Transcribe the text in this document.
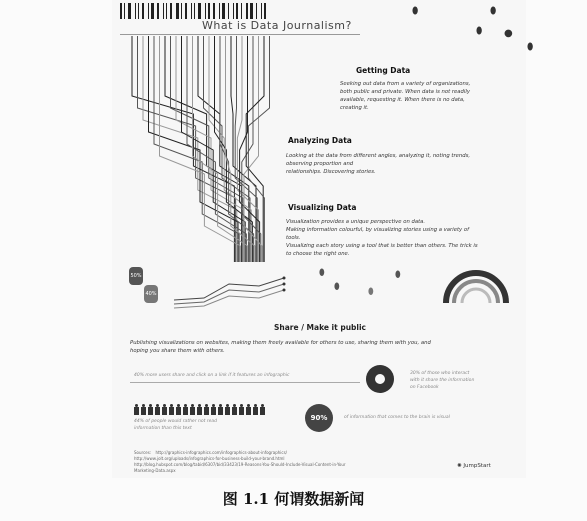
What is Data Journalism?
⬮	⬮
⬮ ●
⬮
Getting Data
Seeking out data from a variety of organizations,
both public and private. When data is not readily
available, requesting it. When there is no data,
creating it.
Analyzing Data
Looking at the data from different angles, analyzing it, noting trends,
observing proportion and
relationships. Discovering stories.
Visualizing Data
Visualization provides a unique perspective on data.
Making information colourful, by visualizing stories using a variety of
tools.
Visualizing each story using a tool that is better than others. The trick is
to choose the right one.
50%
40%
⬮
⬮	⬮
⬮
Share / Make it public
Publishing visualizations on websites, making them freely available for others to use, sharing them with you, and
hoping you share them with others.
40% more users share and click on a link if it features an infographic	30% of those who interact
with it share the information
on Facebook
44% of people would rather not read
information than this text
90%	of information that comes to the brain is visual
Sources: http://graphics-infographics.com/infographics-about-infographics/
http://www.jolt.org/uploads/infographics-for-business-build-your-brand.html
http://blog.hubspot.com/blog/tabid/6307/bid/33423/19-Reasons-You-Should-Include-Visual-Content-in-Your
Marketing-Data.aspx
✺ JumpStart
图 1.1 何谓数据新闻
